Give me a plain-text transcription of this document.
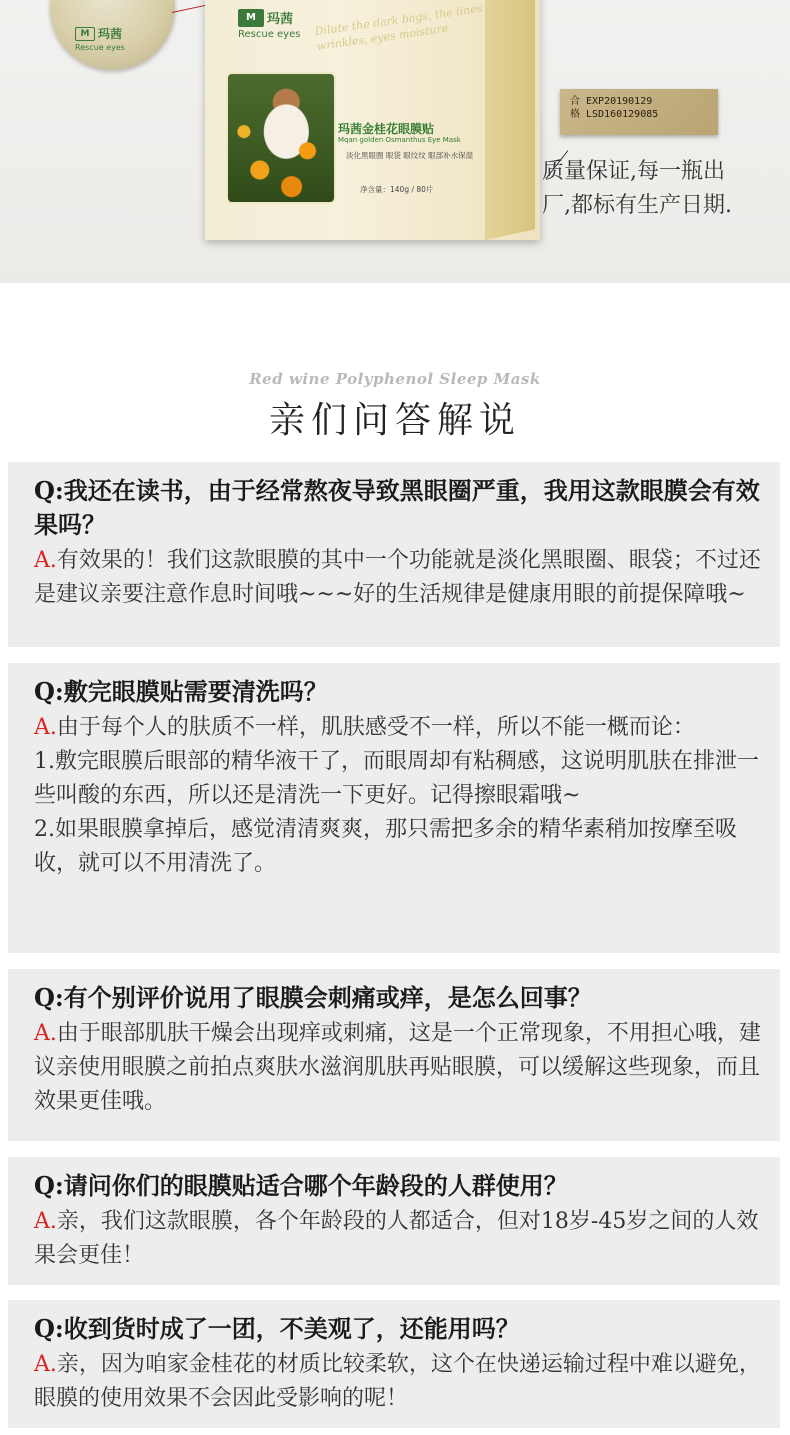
M 玛茜
Rescue eyes
M 玛茜
Rescue eyes	Dilute the dark bags, the lines wrinkles, eyes moisture
玛茜金桂花眼膜贴
Mqan golden Osmanthus Eye Mask
淡化黑眼圈 眼袋 眼纹纹 眼部补水保湿
净含量：140g / 80片
合 EXP20190129
格 LSD160129085
质量保证,每一瓶出厂,都标有生产日期.
Red wine Polyphenol Sleep Mask
亲们问答解说
Q:我还在读书，由于经常熬夜导致黑眼圈严重，我用这款眼膜会有效果吗？
A.有效果的！我们这款眼膜的其中一个功能就是淡化黑眼圈、眼袋；不过还是建议亲要注意作息时间哦~~~好的生活规律是健康用眼的前提保障哦~
Q:敷完眼膜贴需要清洗吗？
A.由于每个人的肤质不一样，肌肤感受不一样，所以不能一概而论：
1.敷完眼膜后眼部的精华液干了，而眼周却有粘稠感，这说明肌肤在排泄一些叫酸的东西，所以还是清洗一下更好。记得擦眼霜哦~
2.如果眼膜拿掉后，感觉清清爽爽，那只需把多余的精华素稍加按摩至吸收，就可以不用清洗了。
Q:有个别评价说用了眼膜会刺痛或痒，是怎么回事？
A.由于眼部肌肤干燥会出现痒或刺痛，这是一个正常现象，不用担心哦，建议亲使用眼膜之前拍点爽肤水滋润肌肤再贴眼膜，可以缓解这些现象，而且效果更佳哦。
Q:请问你们的眼膜贴适合哪个年龄段的人群使用？
A.亲，我们这款眼膜，各个年龄段的人都适合，但对18岁-45岁之间的人效果会更佳！
Q:收到货时成了一团，不美观了，还能用吗？
A.亲，因为咱家金桂花的材质比较柔软，这个在快递运输过程中难以避免，眼膜的使用效果不会因此受影响的呢！
